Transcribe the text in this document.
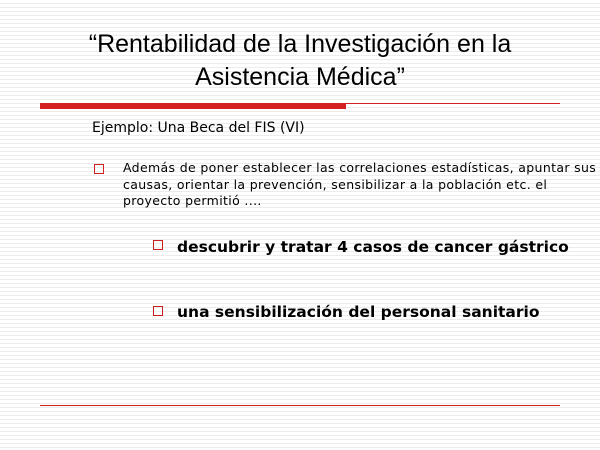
“Rentabilidad de la Investigación en la
Asistencia Médica”
Ejemplo: Una Beca del FIS (VI)
Además de poner establecer las correlaciones estadísticas, apuntar sus causas, orientar la prevención, sensibilizar a la población etc. el proyecto permitió ....
descubrir y tratar 4 casos de cancer gástrico
una sensibilización del personal sanitario
